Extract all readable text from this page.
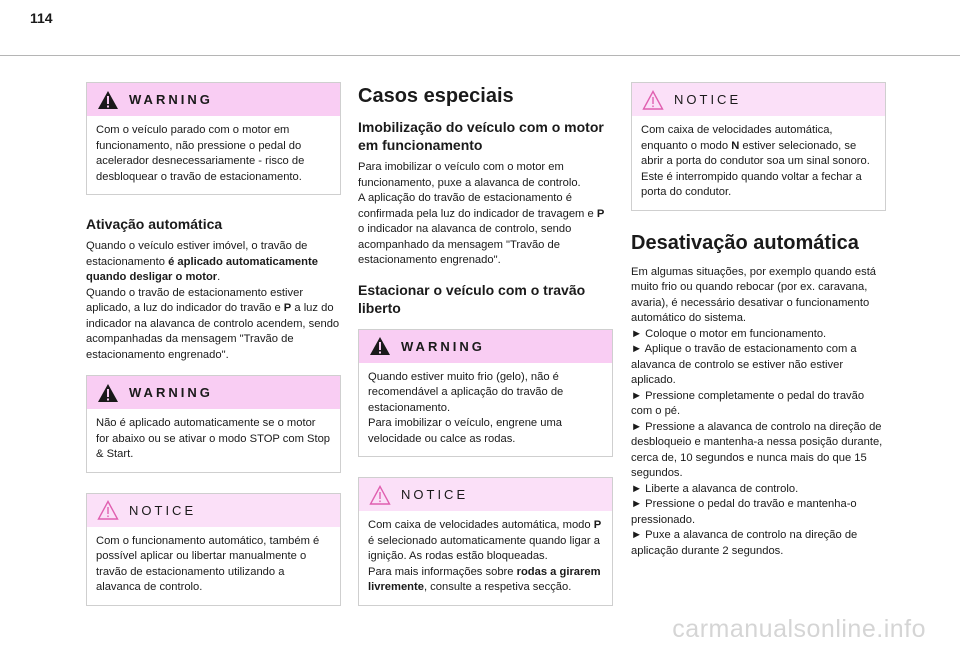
114
WARNING
Com o veículo parado com o motor em funcionamento, não pressione o pedal do acelerador desnecessariamente - risco de desbloquear o travão de estacionamento.
Ativação automática
Quando o veículo estiver imóvel, o travão de estacionamento é aplicado automaticamente quando desligar o motor.
Quando o travão de estacionamento estiver aplicado, a luz do indicador do travão e P a luz do indicador na alavanca de controlo acendem, sendo acompanhadas da mensagem "Travão de estacionamento engrenado".
WARNING
Não é aplicado automaticamente se o motor for abaixo ou se ativar o modo STOP com Stop & Start.
NOTICE
Com o funcionamento automático, também é possível aplicar ou libertar manualmente o travão de estacionamento utilizando a alavanca de controlo.
Casos especiais
Imobilização do veículo com o motor em funcionamento
Para imobilizar o veículo com o motor em funcionamento, puxe a alavanca de controlo.
A aplicação do travão de estacionamento é confirmada pela luz do indicador de travagem e P o indicador na alavanca de controlo, sendo acompanhado da mensagem "Travão de estacionamento engrenado".
Estacionar o veículo com o travão liberto
WARNING
Quando estiver muito frio (gelo), não é recomendável a aplicação do travão de estacionamento.
Para imobilizar o veículo, engrene uma velocidade ou calce as rodas.
NOTICE
Com caixa de velocidades automática, modo P é selecionado automaticamente quando ligar a ignição. As rodas estão bloqueadas.
Para mais informações sobre rodas a girarem livremente, consulte a respetiva secção.
NOTICE
Com caixa de velocidades automática, enquanto o modo N estiver selecionado, se abrir a porta do condutor soa um sinal sonoro. Este é interrompido quando voltar a fechar a porta do condutor.
Desativação automática
Em algumas situações, por exemplo quando está muito frio ou quando rebocar (por ex. caravana, avaria), é necessário desativar o funcionamento automático do sistema.
► Coloque o motor em funcionamento.
► Aplique o travão de estacionamento com a alavanca de controlo se estiver não estiver aplicado.
► Pressione completamente o pedal do travão com o pé.
► Pressione a alavanca de controlo na direção de desbloqueio e mantenha-a nessa posição durante, cerca de, 10 segundos e nunca mais do que 15 segundos.
► Liberte a alavanca de controlo.
► Pressione o pedal do travão e mantenha-o pressionado.
► Puxe a alavanca de controlo na direção de aplicação durante 2 segundos.
carmanualsonline.info
